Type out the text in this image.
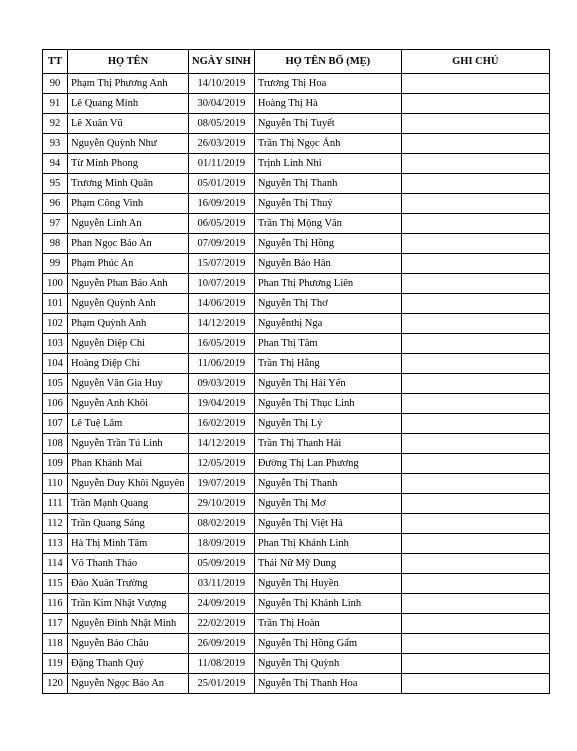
TT	HỌ TÊN	NGÀY SINH	HỌ TÊN BỐ (MẸ)	GHI CHÚ
90	Phạm Thị Phương Anh	14/10/2019	Trương Thị Hoa	
91	Lê Quang Minh	30/04/2019	Hoàng Thị Hà	
92	Lê Xuân Vũ	08/05/2019	Nguyễn Thị Tuyết	
93	Nguyễn Quỳnh Như	26/03/2019	Trần Thị Ngọc Ánh	
94	Từ Minh Phong	01/11/2019	Trịnh Linh Nhi	
95	Trương Minh Quân	05/01/2019	Nguyễn Thị Thanh	
96	Phạm Công Vinh	16/09/2019	Nguyễn Thị Thuý	
97	Nguyễn Linh An	06/05/2019	Trần Thị Mộng Vân	
98	Phan Ngọc Bảo An	07/09/2019	Nguyễn Thị Hồng	
99	Phạm Phúc An	15/07/2019	Nguyễn Bảo Hân	
100	Nguyễn Phan Bảo Anh	10/07/2019	Phan Thị Phương Liên	
101	Nguyễn Quỳnh Anh	14/06/2019	Nguyễn Thị Thơ	
102	Phạm Quỳnh Anh	14/12/2019	Nguyễnthị Nga	
103	Nguyễn Diệp Chi	16/05/2019	Phan Thị Tâm	
104	Hoàng Diệp Chi	11/06/2019	Trần Thị Hằng	
105	Nguyễn Văn Gia Huy	09/03/2019	Nguyễn Thị Hải Yến	
106	Nguyễn Anh Khôi	19/04/2019	Nguyễn Thị Thục Linh	
107	Lê Tuệ Lâm	16/02/2019	Nguyễn Thị Lý	
108	Nguyễn Trần Tú Linh	14/12/2019	Trần Thị Thanh Hải	
109	Phan Khánh Mai	12/05/2019	Đường Thị Lan Phương	
110	Nguyễn Duy Khôi Nguyên	19/07/2019	Nguyễn Thị Thanh	
111	Trần Mạnh Quang	29/10/2019	Nguyễn Thị Mơ	
112	Trần Quang Sáng	08/02/2019	Nguyễn Thị Việt Hà	
113	Hà Thị Minh Tâm	18/09/2019	Phan Thị Khánh Linh	
114	Võ Thanh Thảo	05/09/2019	Thái Nữ Mỹ Dung	
115	Đào Xuân Trường	03/11/2019	Nguyễn Thị Huyền	
116	Trần Kim Nhật Vượng	24/09/2019	Nguyễn Thị Khánh Linh	
117	Nguyễn Đình Nhật Minh	22/02/2019	Trần Thị Hoàn	
118	Nguyễn Bảo Châu	26/09/2019	Nguyễn Thị Hồng Gấm	
119	Đặng Thanh Quý	11/08/2019	Nguyễn Thị Quỳnh	
120	Nguyễn Ngọc Bảo An	25/01/2019	Nguyễn Thị Thanh Hoa	
